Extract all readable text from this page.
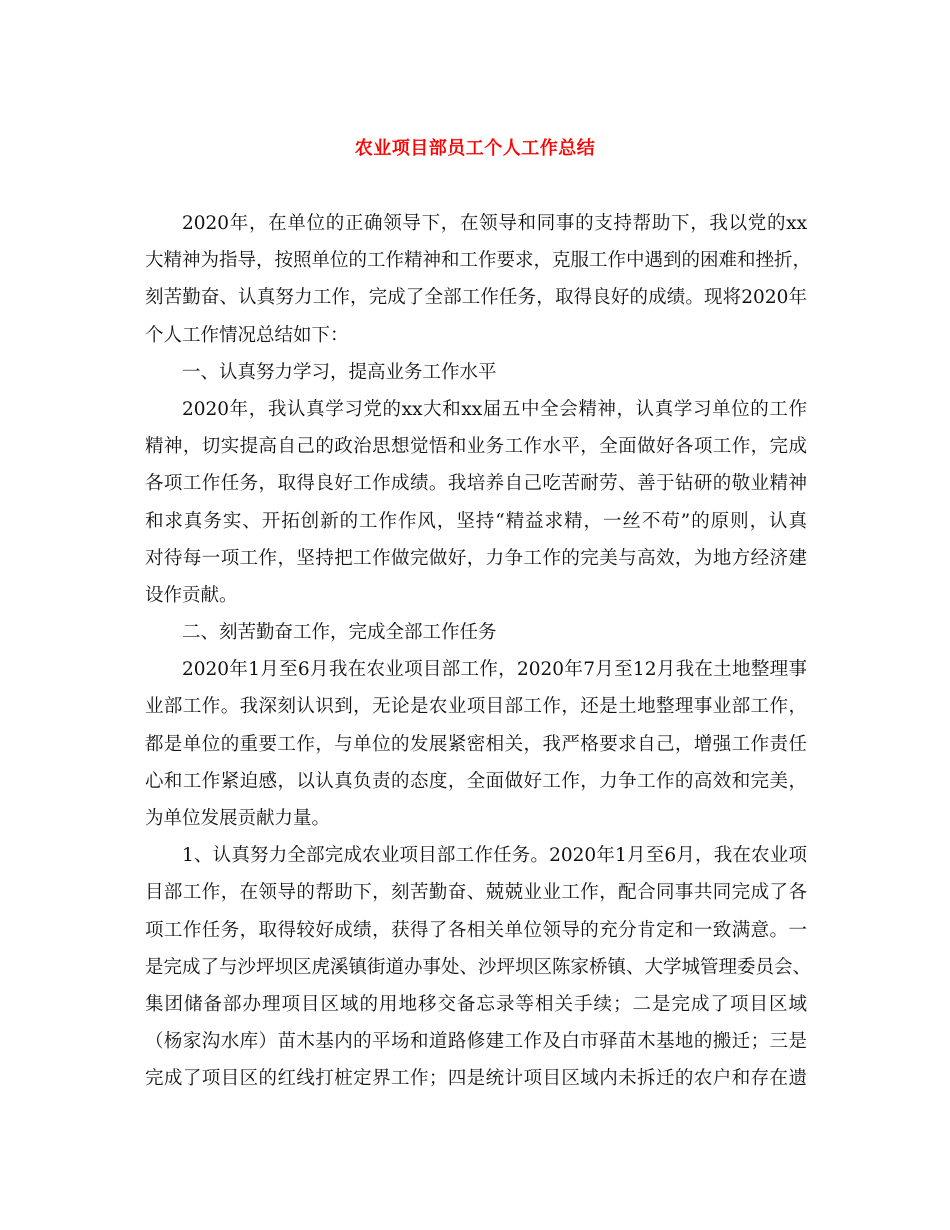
农业项目部员工个人工作总结
2020年，在单位的正确领导下，在领导和同事的支持帮助下，我以党的xx
大精神为指导，按照单位的工作精神和工作要求，克服工作中遇到的困难和挫折，
刻苦勤奋、认真努力工作，完成了全部工作任务，取得良好的成绩。现将2020年
个人工作情况总结如下：
一、认真努力学习，提高业务工作水平
2020年，我认真学习党的xx大和xx届五中全会精神，认真学习单位的工作
精神，切实提高自己的政治思想觉悟和业务工作水平，全面做好各项工作，完成
各项工作任务，取得良好工作成绩。我培养自己吃苦耐劳、善于钻研的敬业精神
和求真务实、开拓创新的工作作风，坚持“精益求精，一丝不苟”的原则，认真
对待每一项工作，坚持把工作做完做好，力争工作的完美与高效，为地方经济建
设作贡献。
二、刻苦勤奋工作，完成全部工作任务
2020年1月至6月我在农业项目部工作，2020年7月至12月我在土地整理事
业部工作。我深刻认识到，无论是农业项目部工作，还是土地整理事业部工作，
都是单位的重要工作，与单位的发展紧密相关，我严格要求自己，增强工作责任
心和工作紧迫感，以认真负责的态度，全面做好工作，力争工作的高效和完美，
为单位发展贡献力量。
1、认真努力全部完成农业项目部工作任务。2020年1月至6月，我在农业项
目部工作，在领导的帮助下，刻苦勤奋、兢兢业业工作，配合同事共同完成了各
项工作任务，取得较好成绩，获得了各相关单位领导的充分肯定和一致满意。一
是完成了与沙坪坝区虎溪镇街道办事处、沙坪坝区陈家桥镇、大学城管理委员会、
集团储备部办理项目区域的用地移交备忘录等相关手续；二是完成了项目区域
（杨家沟水库）苗木基内的平场和道路修建工作及白市驿苗木基地的搬迁；三是
完成了项目区的红线打桩定界工作；四是统计项目区域内未拆迁的农户和存在遗
